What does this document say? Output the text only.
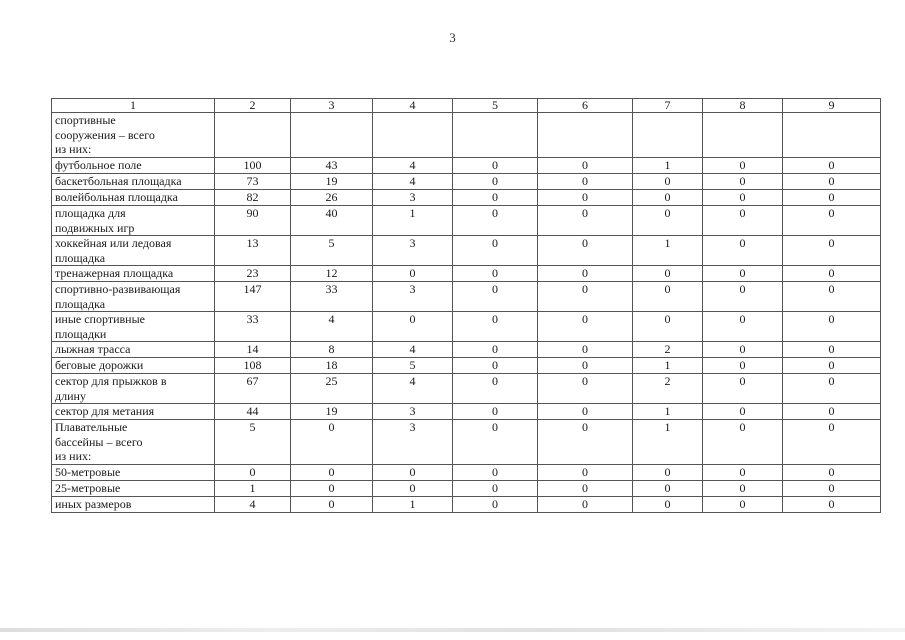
3
1	2	3	4	5	6	7	8	9
спортивные
сооружения – всего
из них:								
футбольное поле	100	43	4	0	0	1	0	0
баскетбольная площадка	73	19	4	0	0	0	0	0
волейбольная площадка	82	26	3	0	0	0	0	0
площадка для
подвижных игр	90	40	1	0	0	0	0	0
хоккейная или ледовая
площадка	13	5	3	0	0	1	0	0
тренажерная площадка	23	12	0	0	0	0	0	0
спортивно-развивающая
площадка	147	33	3	0	0	0	0	0
иные спортивные
площадки	33	4	0	0	0	0	0	0
лыжная трасса	14	8	4	0	0	2	0	0
беговые дорожки	108	18	5	0	0	1	0	0
сектор для прыжков в
длину	67	25	4	0	0	2	0	0
сектор для метания	44	19	3	0	0	1	0	0
Плавательные
бассейны – всего
из них:	5	0	3	0	0	1	0	0
50-метровые	0	0	0	0	0	0	0	0
25-метровые	1	0	0	0	0	0	0	0
иных размеров	4	0	1	0	0	0	0	0
